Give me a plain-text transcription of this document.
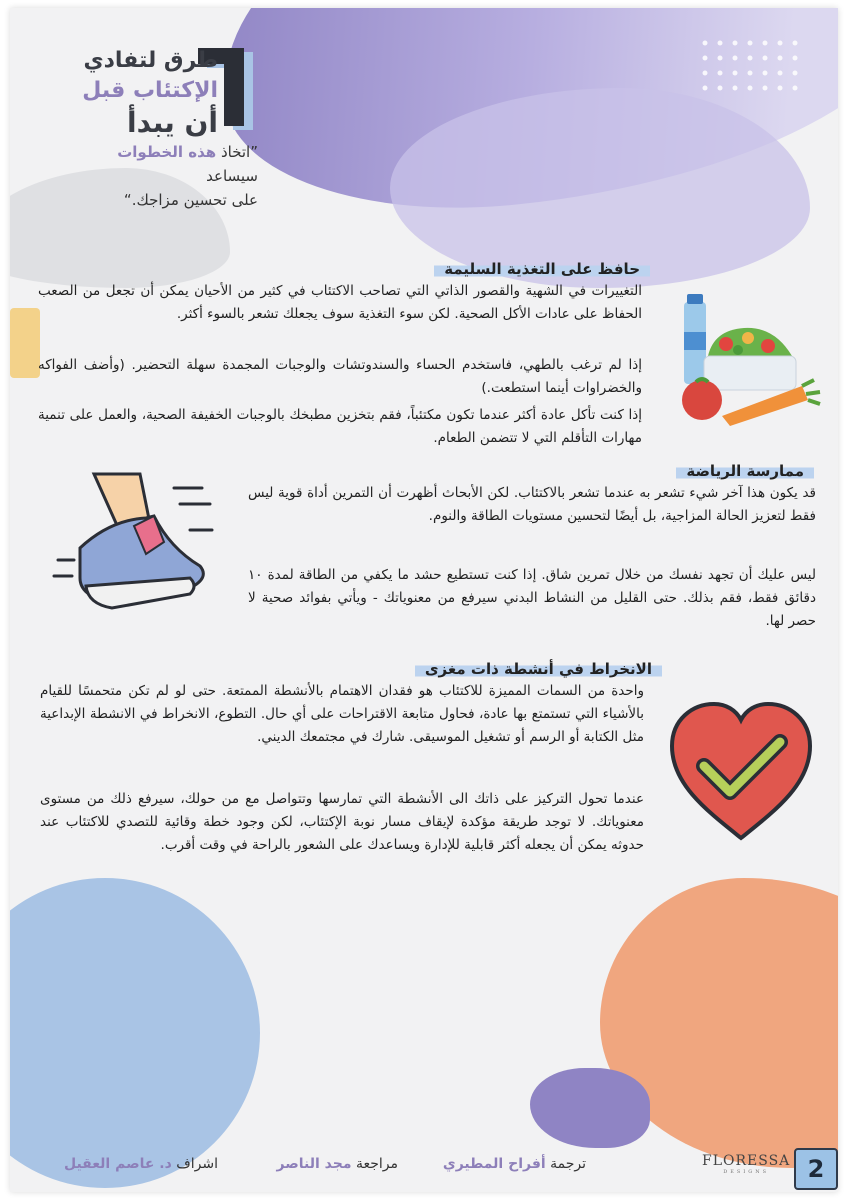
طرق لتفادي
الإكتئاب قبل
أن يبدأ
”اتخاذ هذه الخطوات سيساعد
على تحسين مزاجك.“
حافظ على التغذية السليمة
التغييرات في الشهية والقصور الذاتي التي تصاحب الاكتئاب في كثير من الأحيان يمكن أن تجعل من الصعب الحفاظ على عادات الأكل الصحية. لكن سوء التغذية سوف يجعلك تشعر بالسوء أكثر.
إذا لم ترغب بالطهي، فاستخدم الحساء والسندوتشات والوجبات المجمدة سهلة التحضير. (وأضف الفواكه والخضراوات أينما استطعت.)
إذا كنت تأكل عادة أكثر عندما تكون مكتئباً، فقم بتخزين مطبخك بالوجبات الخفيفة الصحية، والعمل على تنمية مهارات التأقلم التي لا تتضمن الطعام.
ممارسة الرياضة
قد يكون هذا آخر شيء تشعر به عندما تشعر بالاكتئاب. لكن الأبحاث أظهرت أن التمرين أداة قوية ليس فقط لتعزيز الحالة المزاجية، بل أيضًا لتحسين مستويات الطاقة والنوم.
ليس عليك أن تجهد نفسك من خلال تمرين شاق. إذا كنت تستطيع حشد ما يكفي من الطاقة لمدة ١٠ دقائق فقط، فقم بذلك. حتى القليل من النشاط البدني سيرفع من معنوياتك - ويأتي بفوائد صحية لا حصر لها.
الانخراط في أنشطة ذات مغزى
واحدة من السمات المميزة للاكتئاب هو فقدان الاهتمام بالأنشطة الممتعة. حتى لو لم تكن متحمسًا للقيام بالأشياء التي تستمتع بها عادة، فحاول متابعة الاقتراحات على أي حال. التطوع، الانخراط في الانشطة الإبداعية مثل الكتابة أو الرسم أو تشغيل الموسيقى. شارك في مجتمعك الديني.
عندما تحول التركيز على ذاتك الى الأنشطة التي تمارسها وتتواصل مع من حولك، سيرفع ذلك من مستوى معنوياتك. لا توجد طريقة مؤكدة لإيقاف مسار نوبة الإكتئاب، لكن وجود خطة وقائية للتصدي للاكتئاب عند حدوثه يمكن أن يجعله أكثر قابلية للإدارة ويساعدك على الشعور بالراحة في وقت أقرب.
ترجمة أفراح المطيري
مراجعة مجد الناصر
اشراف د. عاصم العقيل	FLORESSA
DESIGNS	2
